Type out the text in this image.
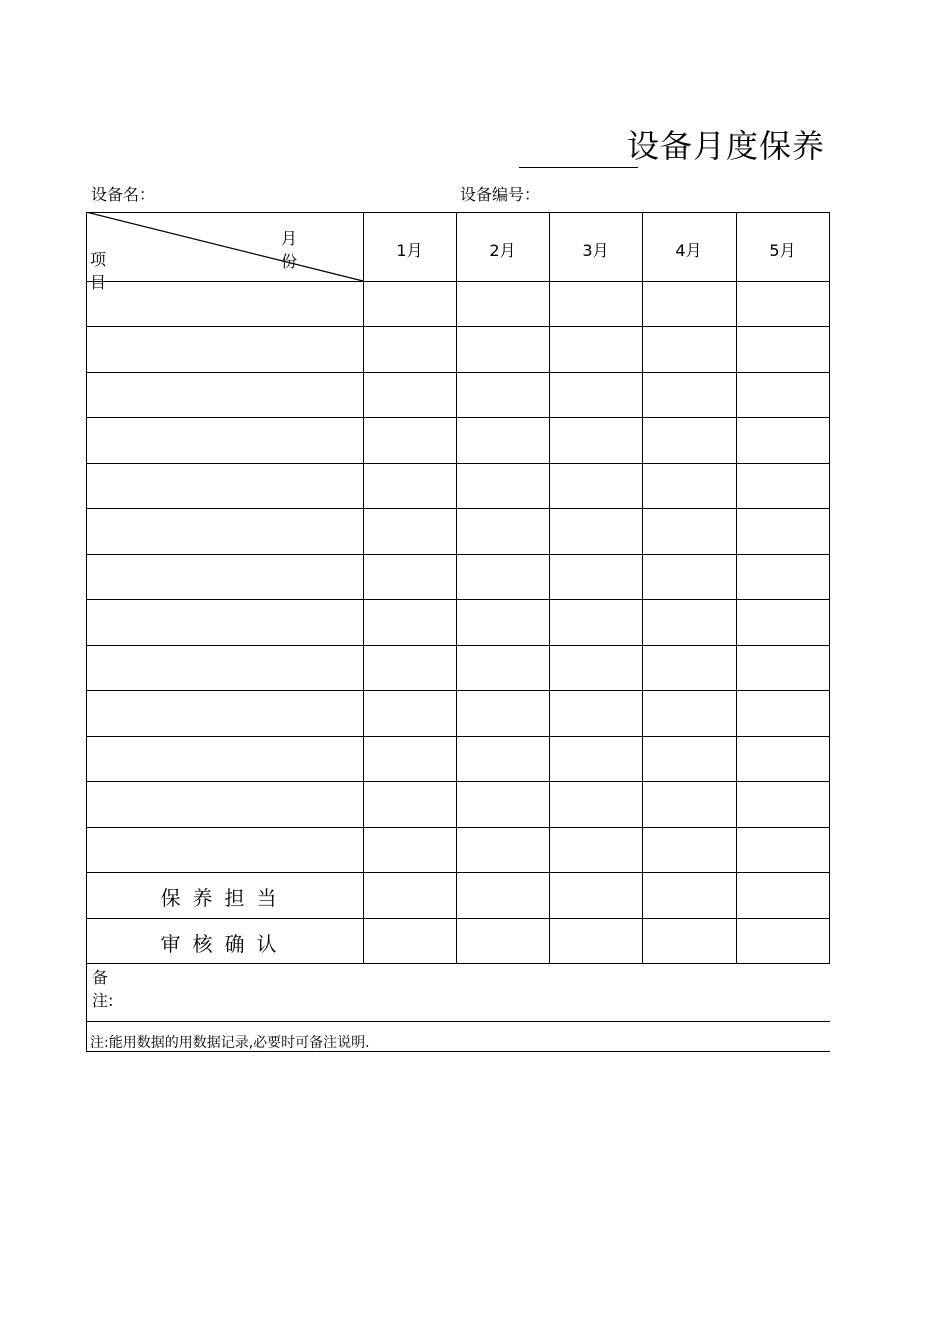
设备月度保养
设备名：	设备编号：
月份
项目
1月	2月	3月	4月	5月
保养担当
审核确认
备注:
注:能用数据的用数据记录,必要时可备注说明.
